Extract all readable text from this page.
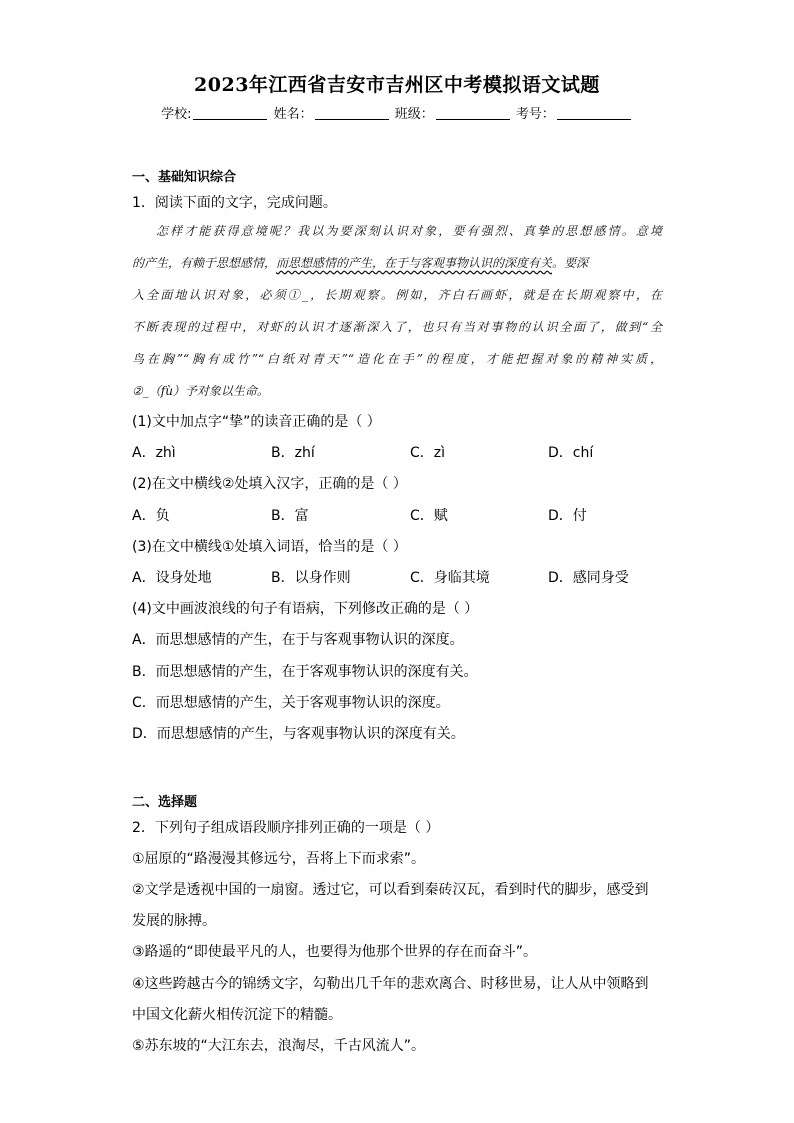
2023年江西省吉安市吉州区中考模拟语文试题
学校:	姓名：	班级：	考号：
一、基础知识综合
1．阅读下面的文字，完成问题。
怎样才能获得意境呢？我以为要深刻认识对象，要有强烈、真挚的思想感情。意境
的产生，有赖于思想感情，而思想感情的产生，在于与客观事物认识的深度有关。要深
入全面地认识对象，必须①_，长期观察。例如，齐白石画虾，就是在长期观察中，在
不断表现的过程中，对虾的认识才逐渐深入了，也只有当对事物的认识全面了，做到“全
鸟在胸”“胸有成竹”“白纸对青天”“造化在手”的程度，才能把握对象的精神实质，
②_（fù）予对象以生命。
(1)文中加点字“挚”的读音正确的是（ ）
A．zhì	B．zhí	C．zì	D．chí
(2)在文中横线②处填入汉字，正确的是（ ）
A．负	B．富	C．赋	D．付
(3)在文中横线①处填入词语，恰当的是（ ）
A．设身处地	B．以身作则	C．身临其境	D．感同身受
(4)文中画波浪线的句子有语病，下列修改正确的是（ ）
A．而思想感情的产生，在于与客观事物认识的深度。
B．而思想感情的产生，在于客观事物认识的深度有关。
C．而思想感情的产生，关于客观事物认识的深度。
D．而思想感情的产生，与客观事物认识的深度有关。
二、选择题
2．下列句子组成语段顺序排列正确的一项是（ ）
①屈原的“路漫漫其修远兮，吾将上下而求索”。
②文学是透视中国的一扇窗。透过它，可以看到秦砖汉瓦，看到时代的脚步，感受到
发展的脉搏。
③路遥的“即使最平凡的人，也要得为他那个世界的存在而奋斗”。
④这些跨越古今的锦绣文字，勾勒出几千年的悲欢离合、时移世易，让人从中领略到
中国文化薪火相传沉淀下的精髓。
⑤苏东坡的“大江东去，浪淘尽，千古风流人”。
